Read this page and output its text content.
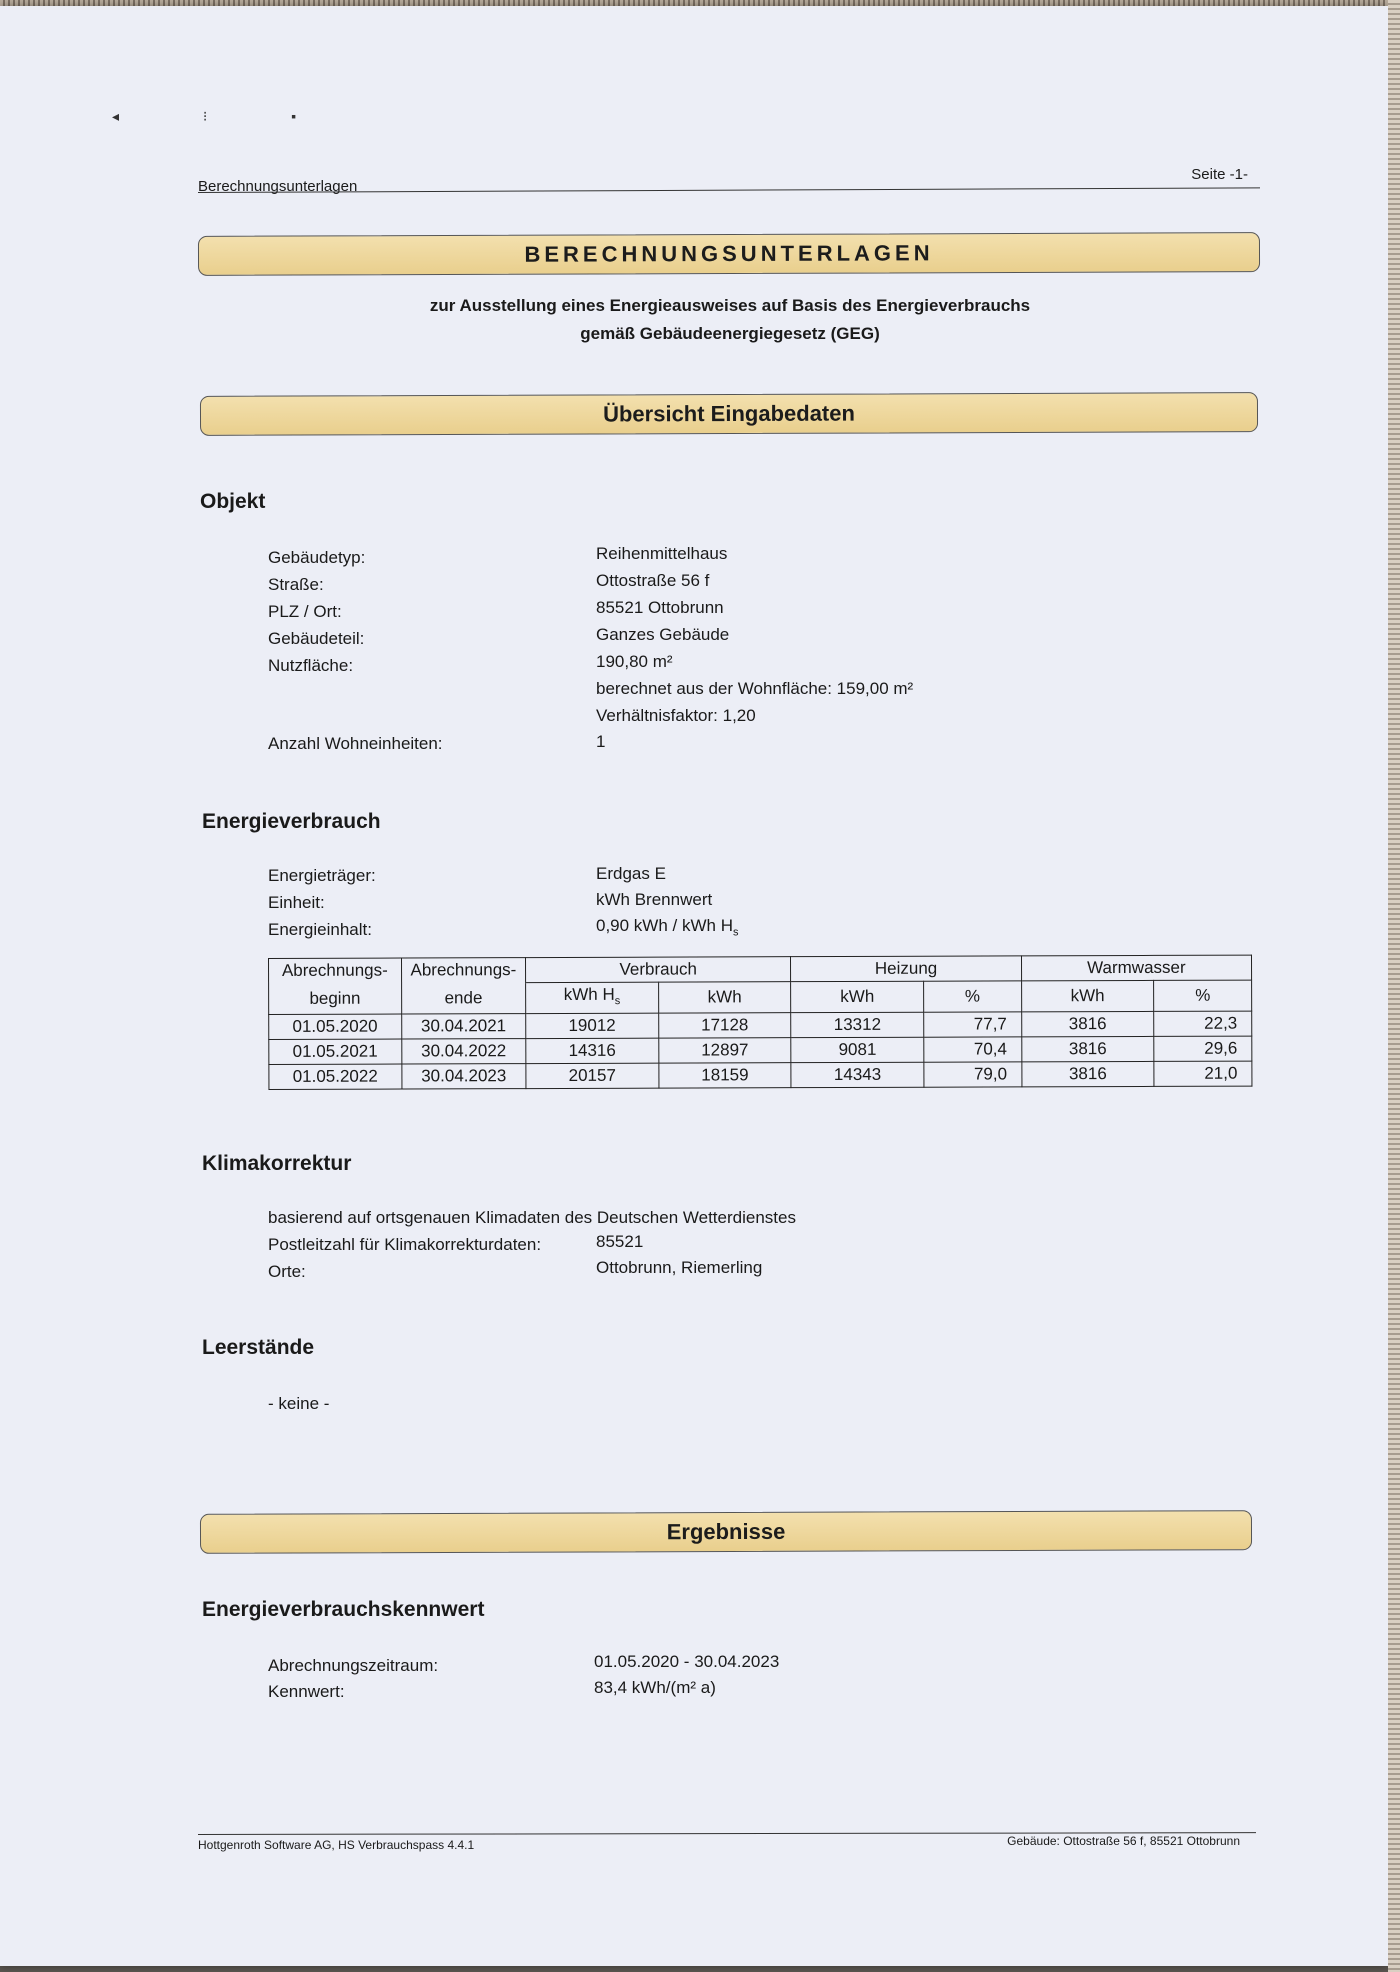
◂ ⁝ ▪
Berechnungsunterlagen
Seite -1-
BERECHNUNGSUNTERLAGEN
zur Ausstellung eines Energieausweises auf Basis des Energieverbrauchs
gemäß Gebäudeenergiegesetz (GEG)
Übersicht Eingabedaten
Objekt
Gebäudetyp:	Reihenmittelhaus
Straße:	Ottostraße 56 f
PLZ / Ort:	85521 Ottobrunn
Gebäudeteil:	Ganzes Gebäude
Nutzfläche:	190,80 m²
berechnet aus der Wohnfläche: 159,00 m²
Verhältnisfaktor: 1,20
Anzahl Wohneinheiten:	1
Energieverbrauch
Energieträger:	Erdgas E
Einheit:	kWh Brennwert
Energieinhalt:	0,90 kWh / kWh $H_s$
Abrechnungs-	Abrechnungs-	Verbrauch		Heizung		Warmwasser	
beginn	ende	kWh $H_s$	kWh	kWh	%	kWh	%
01.05.2020	30.04.2021	19012	17128	13312	77,7	3816	22,3
01.05.2021	30.04.2022	14316	12897	9081	70,4	3816	29,6
01.05.2022	30.04.2023	20157	18159	14343	79,0	3816	21,0
Klimakorrektur
basierend auf ortsgenauen Klimadaten des Deutschen Wetterdienstes
Postleitzahl für Klimakorrekturdaten:	85521
Orte:	Ottobrunn, Riemerling
Leerstände
- keine -
Ergebnisse
Energieverbrauchskennwert
Abrechnungszeitraum:	01.05.2020 - 30.04.2023
Kennwert:	83,4 kWh/(m² a)
Hottgenroth Software AG, HS Verbrauchspass 4.4.1	Gebäude: Ottostraße 56 f, 85521 Ottobrunn
